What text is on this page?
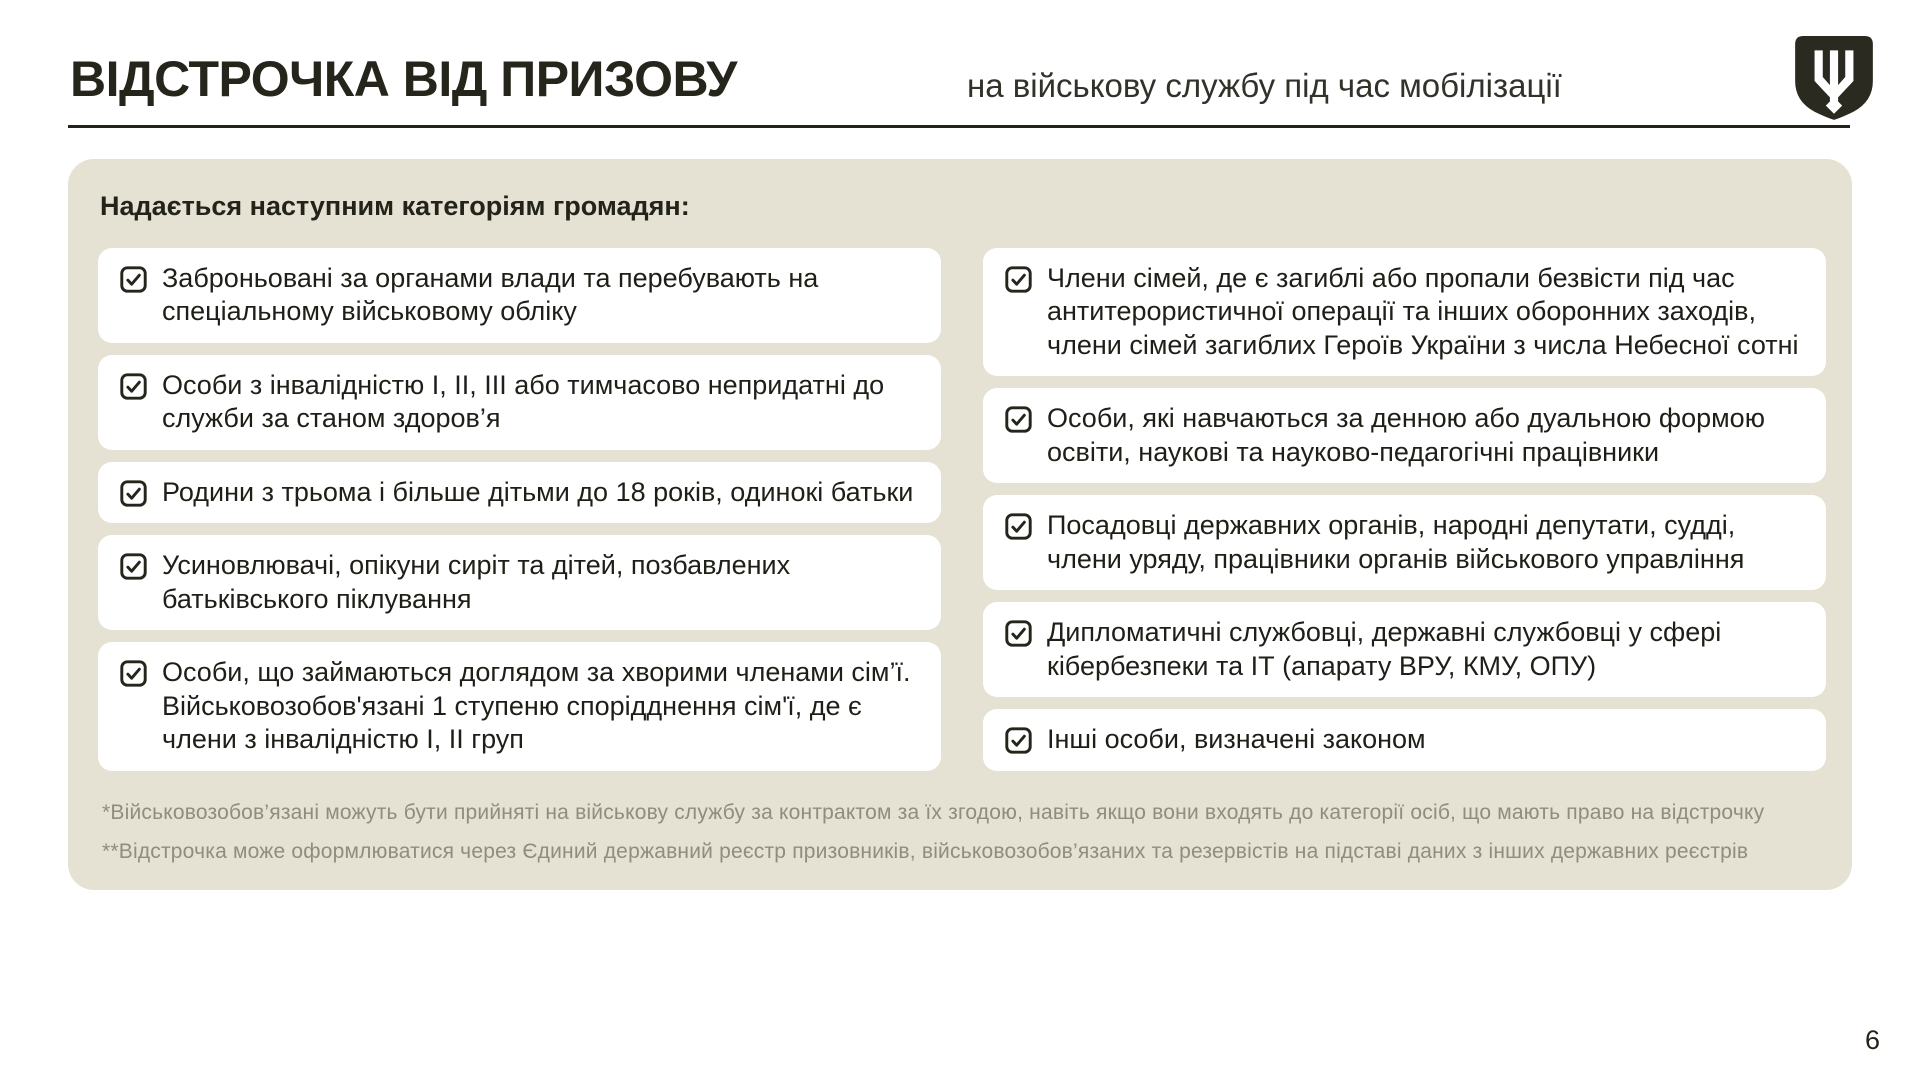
ВІДСТРОЧКА ВІД ПРИЗОВУ	на військову службу під час мобілізації

Надається наступним категоріям громадян:

Заброньовані за органами влади та перебувають на спеціальному військовому обліку

Особи з інвалідністю I, II, III або тимчасово непридатні до служби за станом здоров’я

Родини з трьома і більше дітьми до 18 років, одинокі батьки

Усиновлювачі, опікуни сиріт та дітей, позбавлених батьківського піклування

Особи, що займаються доглядом за хворими членами сім’ї. Військовозобов'язані 1 ступеню спорідднення сім'ї, де є члени з інвалідністю I, II груп

Члени сімей, де є загиблі або пропали безвісти під час антитерористичної операції та інших оборонних заходів, члени сімей загиблих Героїв України з числа Небесної сотні

Особи, які навчаються за денною або дуальною формою освіти, наукові та науково-педагогічні працівники

Посадовці державних органів, народні депутати, судді, члени уряду, працівники органів військового управління

Дипломатичні службовці, державні службовці у сфері кібербезпеки та ІТ (апарату ВРУ, КМУ, ОПУ)

Інші особи, визначені законом

*Військовозобов’язані можуть бути прийняті на військову службу за контрактом за їх згодою, навіть якщо вони входять до категорії осіб, що мають право на відстрочку

**Відстрочка може оформлюватися через Єдиний державний реєстр призовників, військовозобов’язаних та резервістів на підставі даних з інших державних реєстрів

6
